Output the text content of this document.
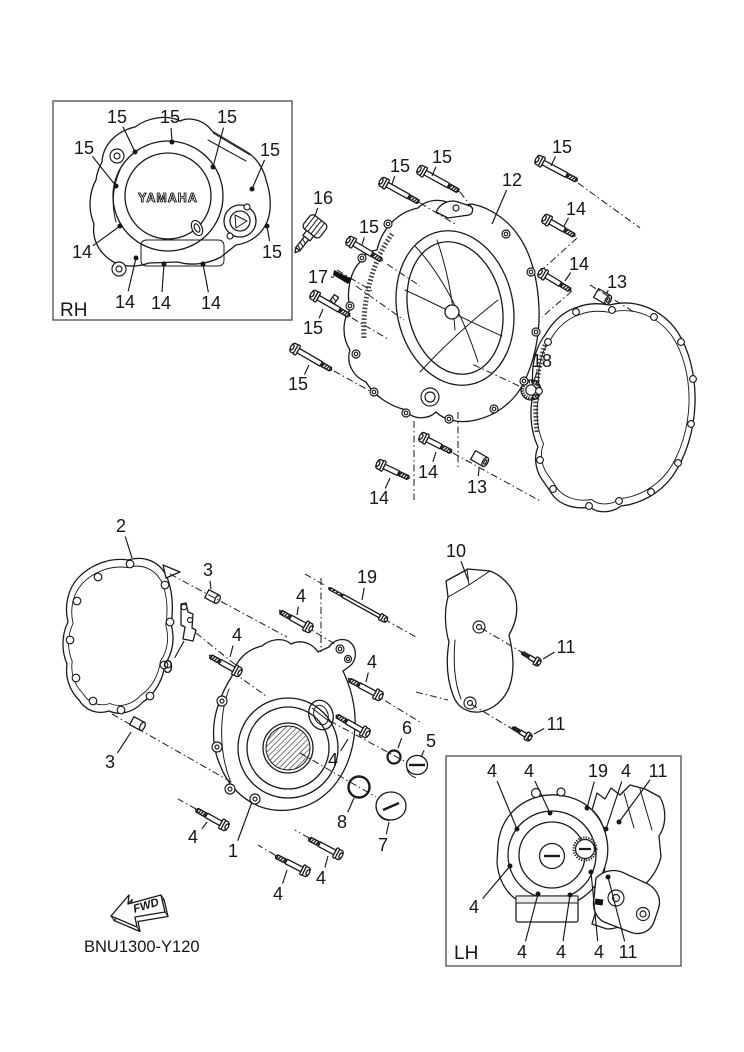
RH
YAMAHA
LH
FWD
BNU1300-Y120
15 15 15
15	15
15
14
14 14 14
15 15	15
12
16
15
17
15
15
14
14
13
18
14
14
13
2
3	19
4
10
4
9	4
11
3
6
5
4
11
8
7
1
4
4
4
4 4	19 4 11
4
4 4 4 11
